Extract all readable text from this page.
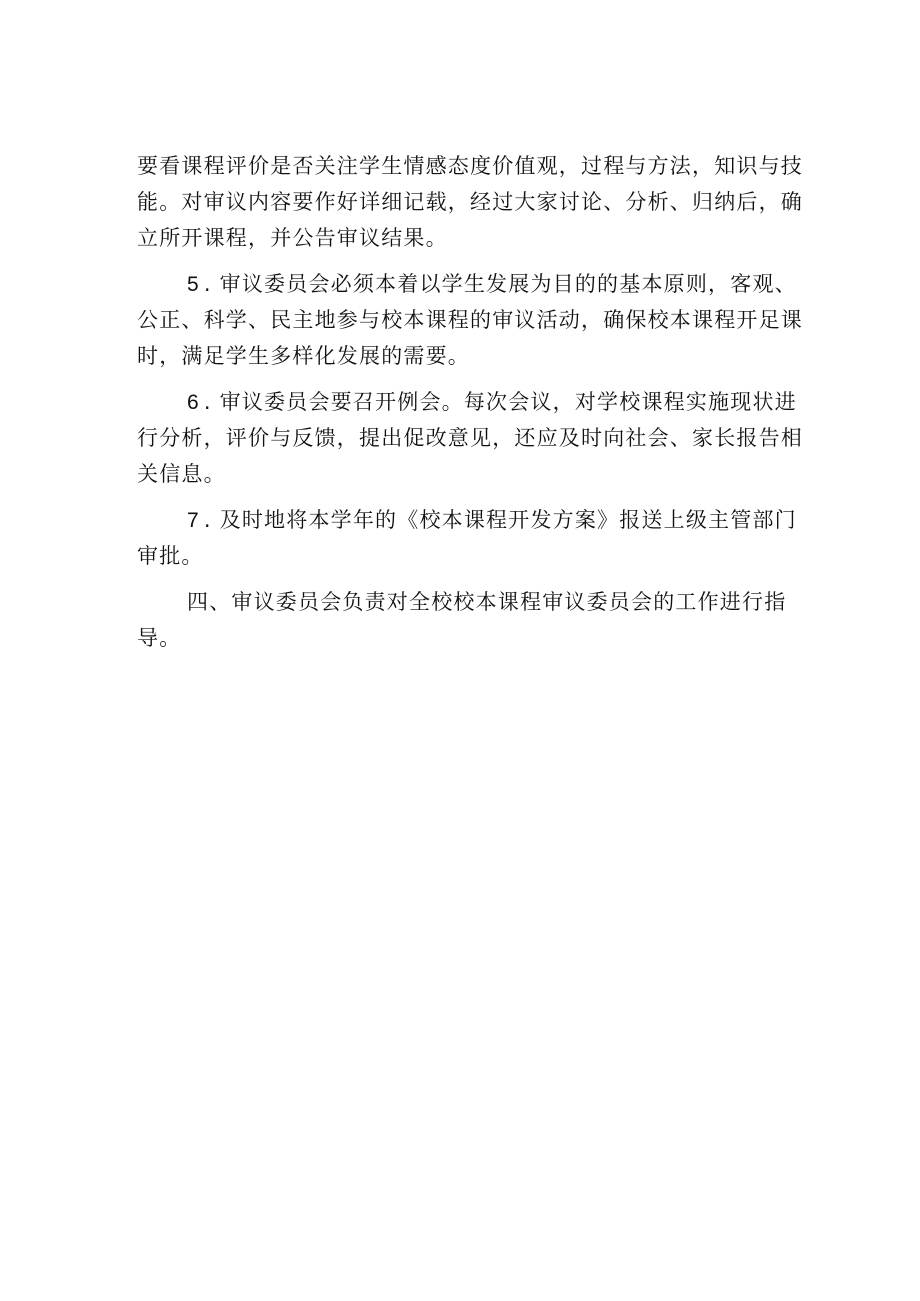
要看课程评价是否关注学生情感态度价值观，过程与方法，知识与技
能。对审议内容要作好详细记载，经过大家讨论、分析、归纳后，确
立所开课程，并公告审议结果。
5 . 审议委员会必须本着以学生发展为目的的基本原则，客观、
公正、科学、民主地参与校本课程的审议活动，确保校本课程开足课
时，满足学生多样化发展的需要。
6 . 审议委员会要召开例会。每次会议，对学校课程实施现状进
行分析，评价与反馈，提出促改意见，还应及时向社会、家长报告相
关信息。
7 . 及时地将本学年的《校本课程开发方案》报送上级主管部门
审批。
四、审议委员会负责对全校校本课程审议委员会的工作进行指
导。
